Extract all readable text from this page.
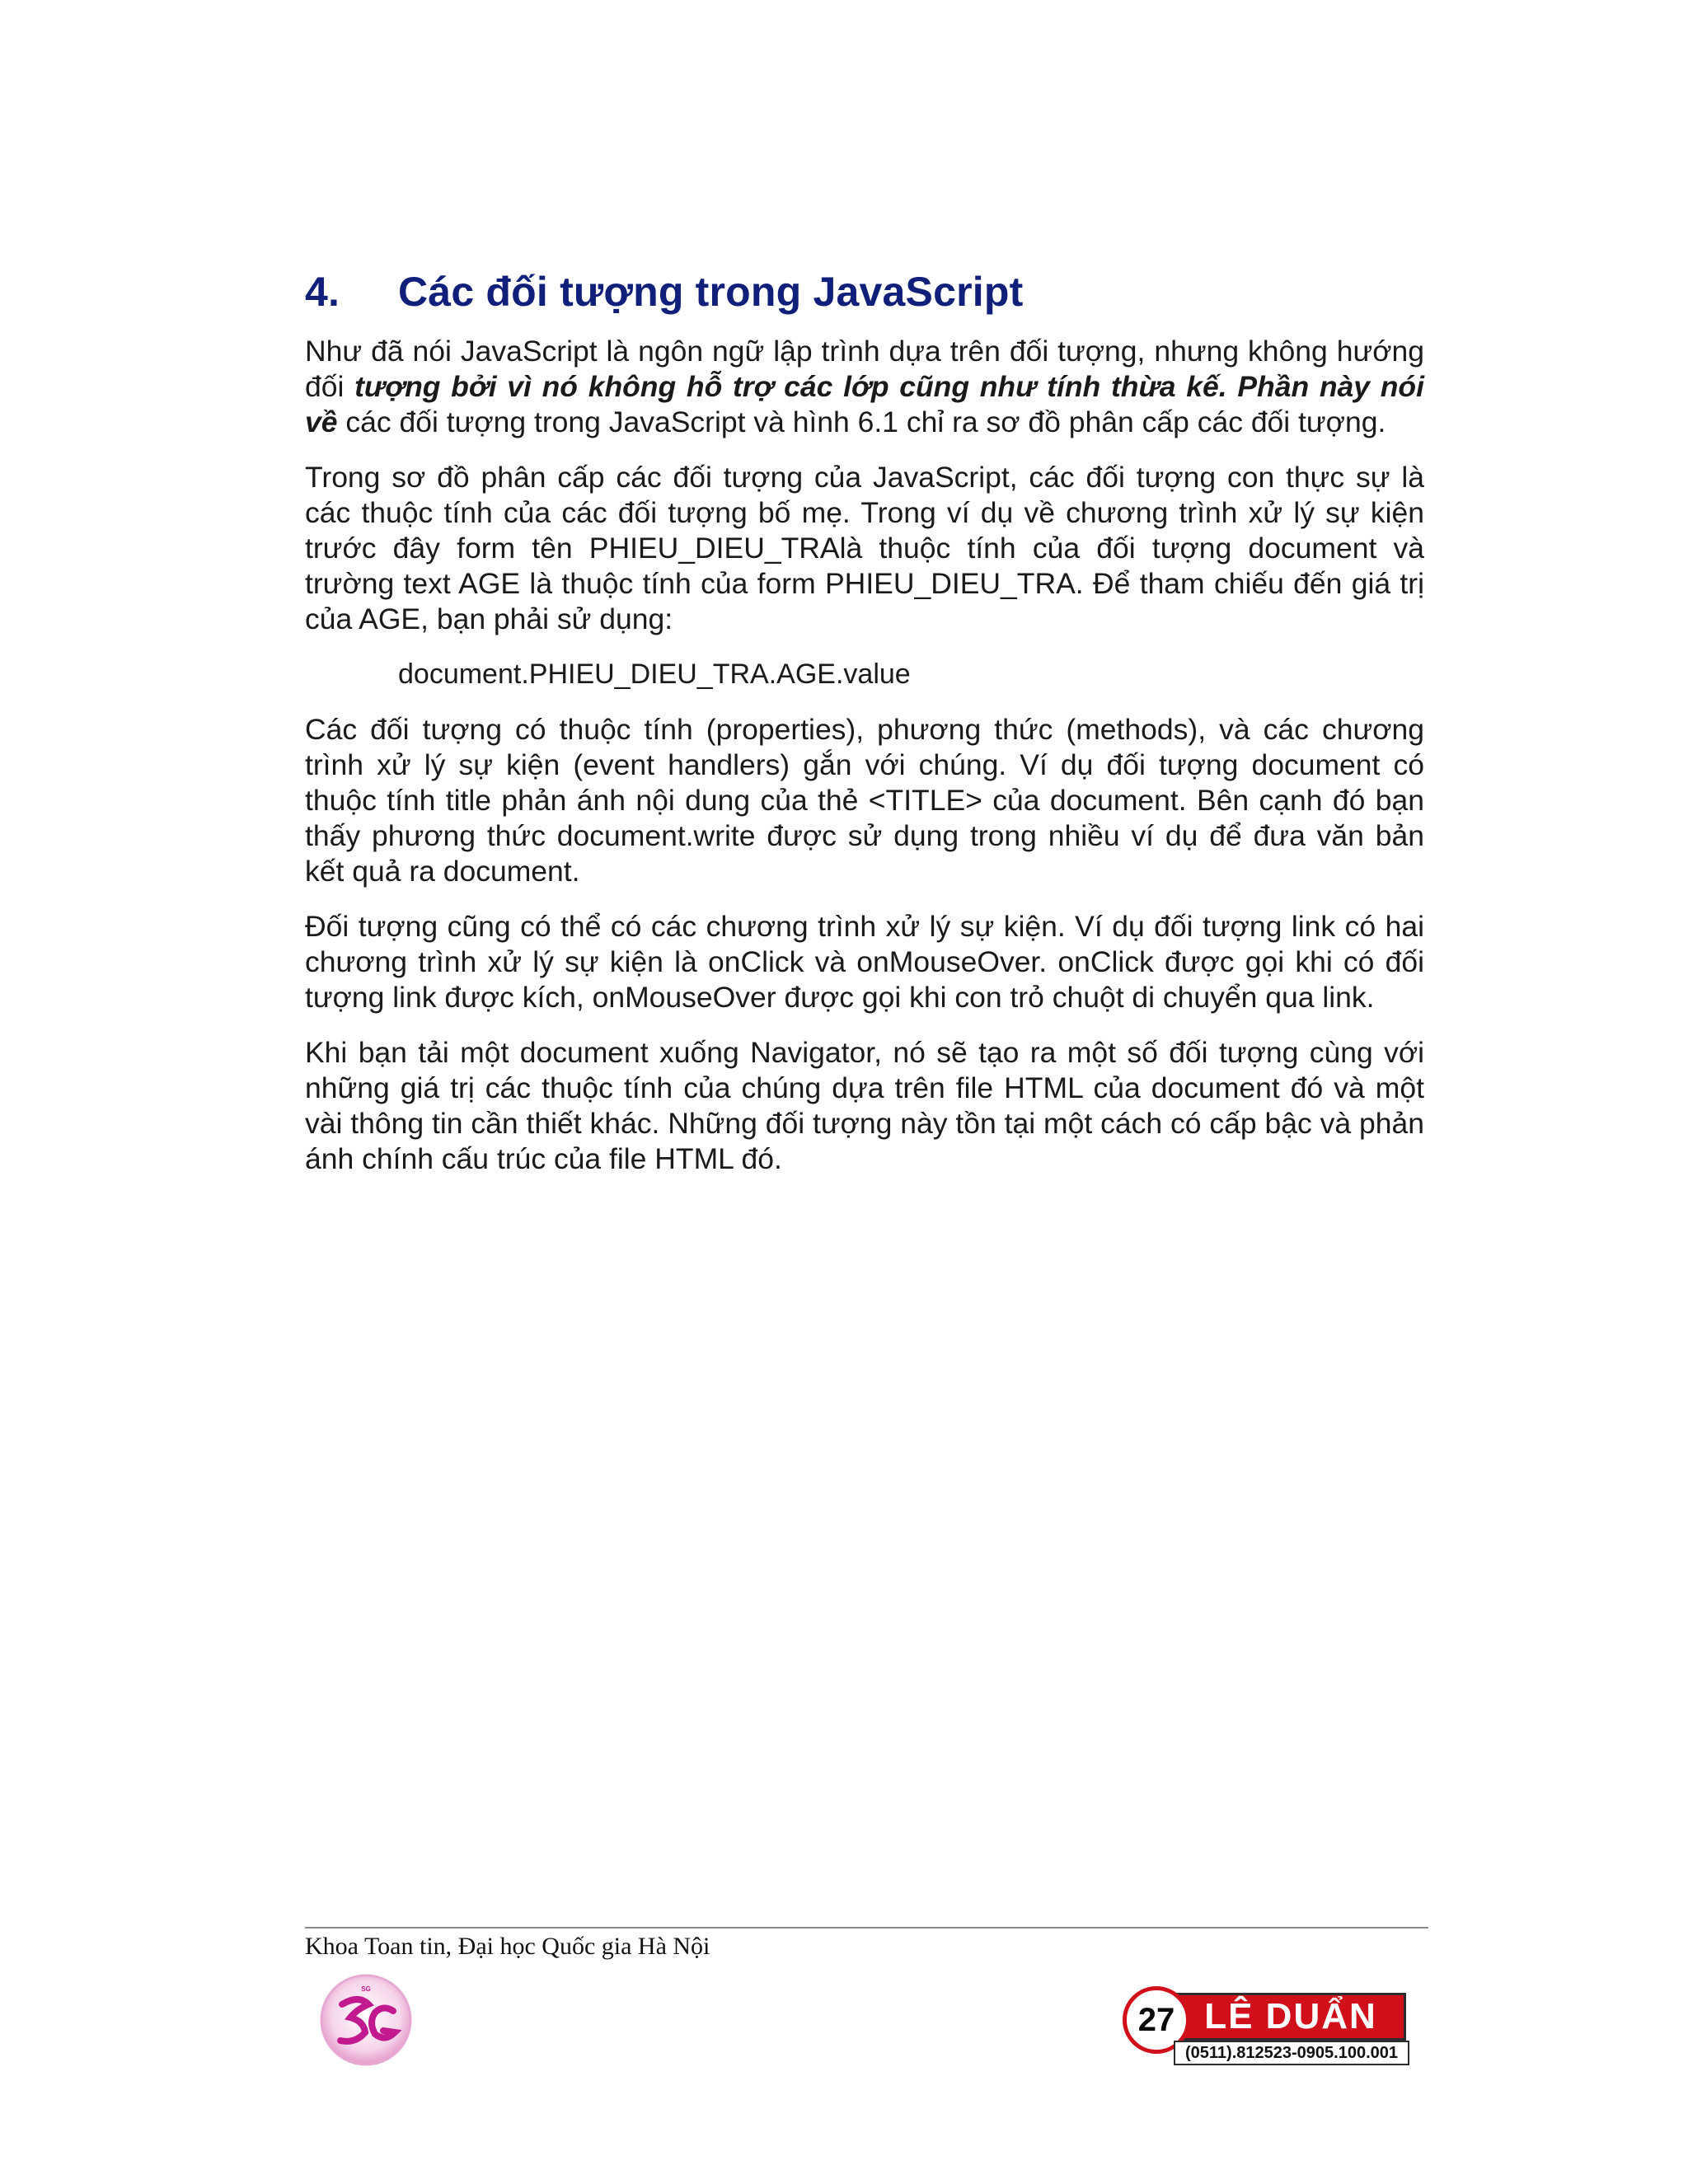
4.	Các đối tượng trong JavaScript

Như đã nói JavaScript là ngôn ngữ lập trình dựa trên đối tượng, nhưng không hướng đối tượng bởi vì nó không hỗ trợ các lớp cũng như tính thừa kế. Phần này nói về các đối tượng trong JavaScript và hình 6.1 chỉ ra sơ đồ phân cấp các đối tượng.

Trong sơ đồ phân cấp các đối tượng của JavaScript, các đối tượng con thực sự là các thuộc tính của các đối tượng bố mẹ. Trong ví dụ về chương trình xử lý sự kiện trước đây form tên PHIEU_DIEU_TRAlà thuộc tính của đối tượng document và trường text AGE là thuộc tính của form PHIEU_DIEU_TRA. Để tham chiếu đến giá trị của AGE, bạn phải sử dụng:

document.PHIEU_DIEU_TRA.AGE.value

Các đối tượng có thuộc tính (properties), phương thức (methods), và các chương trình xử lý sự kiện (event handlers) gắn với chúng. Ví dụ đối tượng document có thuộc tính title phản ánh nội dung của thẻ <TITLE> của document. Bên cạnh đó bạn thấy phương thức document.write được sử dụng trong nhiều ví dụ để đưa văn bản kết quả ra document.

Đối tượng cũng có thể có các chương trình xử lý sự kiện. Ví dụ đối tượng link có hai chương trình xử lý sự kiện là onClick và onMouseOver. onClick được gọi khi có đối tượng link được kích, onMouseOver được gọi khi con trỏ chuột di chuyển qua link.

Khi bạn tải một document xuống Navigator, nó sẽ tạo ra một số đối tượng cùng với những giá trị các thuộc tính của chúng dựa trên file HTML của document đó và một vài thông tin cần thiết khác. Những đối tượng này tồn tại một cách có cấp bậc và phản ánh chính cấu trúc của file HTML đó.

Khoa Toan tin, Đại học Quốc gia Hà Nội
SG
LÊ DUẨN
27
(0511).812523-0905.100.001
